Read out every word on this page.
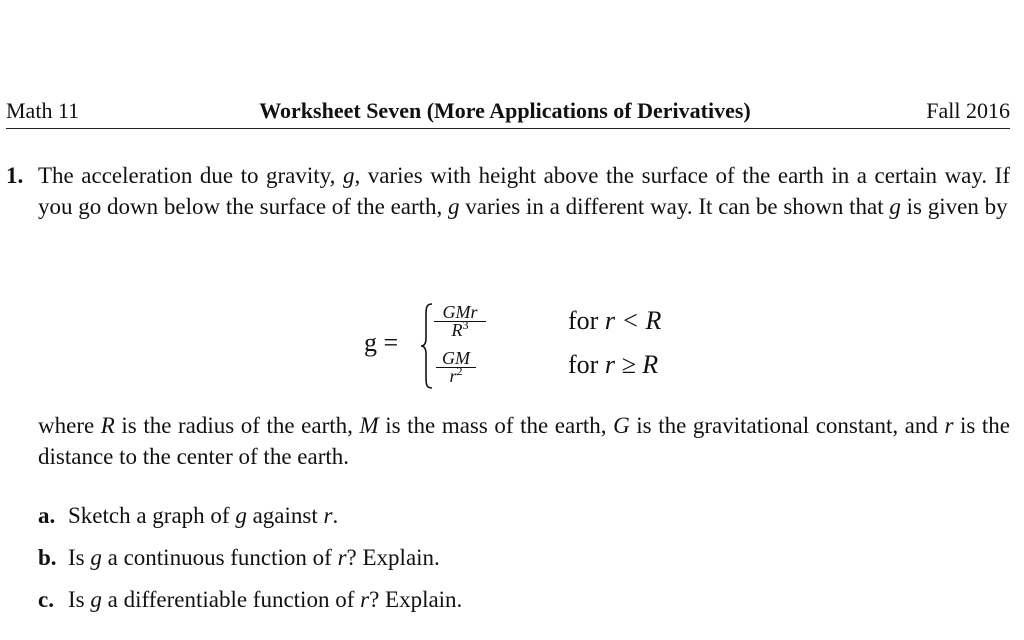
Math 11	Worksheet Seven (More Applications of Derivatives)	Fall 2016
1. The acceleration due to gravity, g, varies with height above the surface of the earth in a certain way. If you go down below the surface of the earth, g varies in a different way. It can be shown that g is given by
g =
GMr
$R^3$
$\frac{GM}{r^2}$
for r < R
for r ≥ R
where R is the radius of the earth, M is the mass of the earth, G is the gravitational constant, and r is the distance to the center of the earth.
a. Sketch a graph of g against r.
b. Is g a continuous function of r? Explain.
c. Is g a differentiable function of r? Explain.
